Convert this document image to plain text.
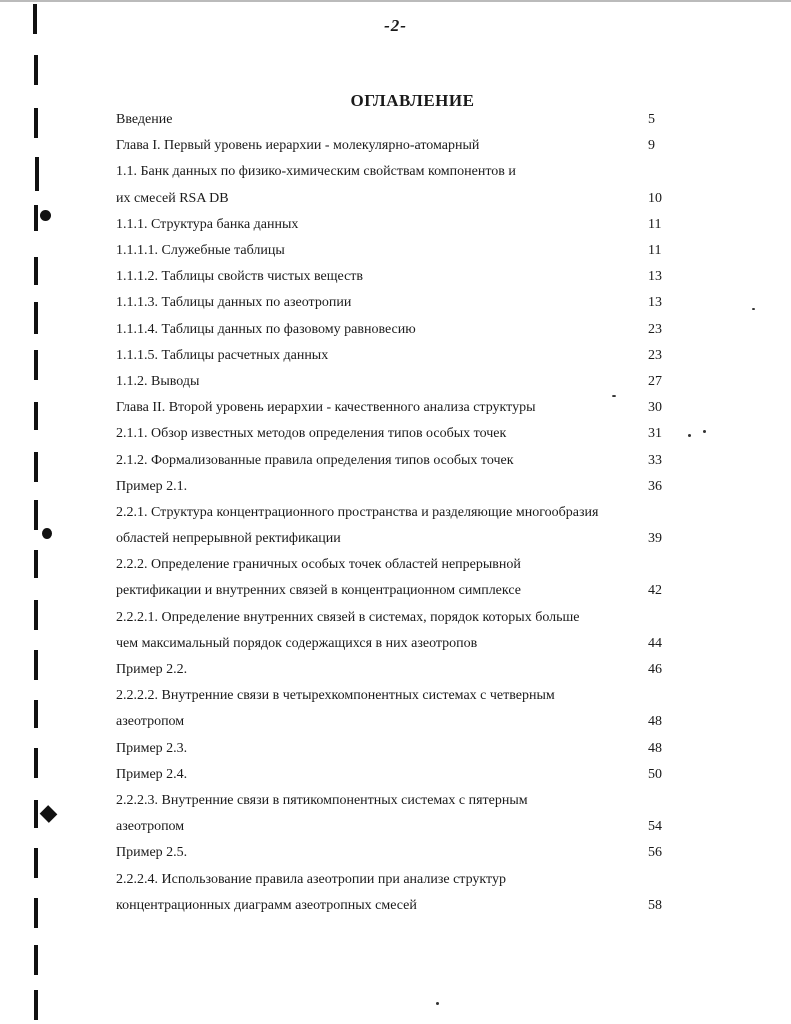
-2-
ОГЛАВЛЕНИЕ
Введение	5
Глава I. Первый уровень иерархии - молекулярно-атомарный	9
1.1. Банк данных по физико-химическим свойствам компонентов и
их смесей RSA DB	10
1.1.1. Структура банка данных	11
1.1.1.1. Служебные таблицы	11
1.1.1.2. Таблицы свойств чистых веществ	13
1.1.1.3. Таблицы данных по азеотропии	13
1.1.1.4. Таблицы данных по фазовому равновесию	23
1.1.1.5. Таблицы расчетных данных	23
1.1.2. Выводы	27
Глава II. Второй уровень иерархии - качественного анализа структуры	30
2.1.1. Обзор известных методов определения типов особых точек	31
2.1.2. Формализованные правила определения типов особых точек	33
Пример 2.1.	36
2.2.1. Структура концентрационного пространства и разделяющие многообразия
областей непрерывной ректификации	39
2.2.2. Определение граничных особых точек областей непрерывной
ректификации и внутренних связей в концентрационном симплексе	42
2.2.2.1. Определение внутренних связей в системах, порядок которых больше
чем максимальный порядок содержащихся в них азеотропов	44
Пример 2.2.	46
2.2.2.2. Внутренние связи в четырехкомпонентных системах с четверным
азеотропом	48
Пример 2.3.	48
Пример 2.4.	50
2.2.2.3. Внутренние связи в пятикомпонентных системах с пятерным
азеотропом	54
Пример 2.5.	56
2.2.2.4. Использование правила азеотропии при анализе структур
концентрационных диаграмм азеотропных смесей	58
